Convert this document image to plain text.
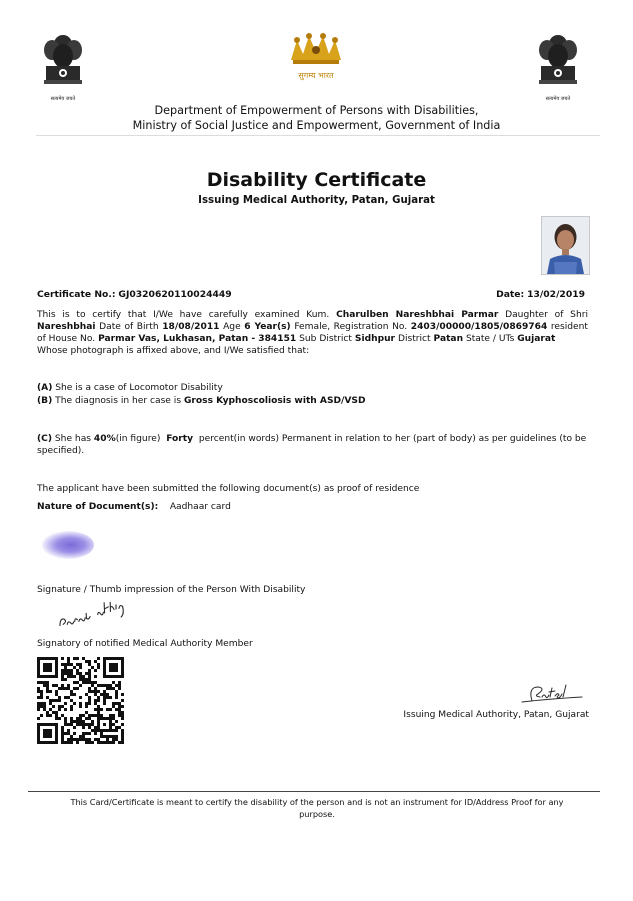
सत्यमेव जयते
सुगम्य भारत
सत्यमेव जयते
Department of Empowerment of Persons with Disabilities,
Ministry of Social Justice and Empowerment, Government of India
Disability Certificate
Issuing Medical Authority, Patan, Gujarat
Certificate No.: GJ0320620110024449	Date: 13/02/2019
This is to certify that I/We have carefully examined Kum. Charulben Nareshbhai Parmar Daughter of Shri Nareshbhai Date of Birth 18/08/2011 Age 6 Year(s) Female, Registration No. 2403/00000/1805/0869764 resident of House No. Parmar Vas, Lukhasan, Patan - 384151 Sub District Sidhpur District Patan State / UTs Gujarat
Whose photograph is affixed above, and I/We satisfied that:
(A) She is a case of Locomotor Disability
(B) The diagnosis in her case is Gross Kyphoscoliosis with ASD/VSD
(C) She has 40%(in figure) Forty percent(in words) Permanent in relation to her (part of body) as per guidelines (to be specified).
The applicant have been submitted the following document(s) as proof of residence
Nature of Document(s): Aadhaar card
Signature / Thumb impression of the Person With Disability
Signatory of notified Medical Authority Member
Issuing Medical Authority, Patan, Gujarat
This Card/Certificate is meant to certify the disability of the person and is not an instrument for ID/Address Proof for any purpose.
